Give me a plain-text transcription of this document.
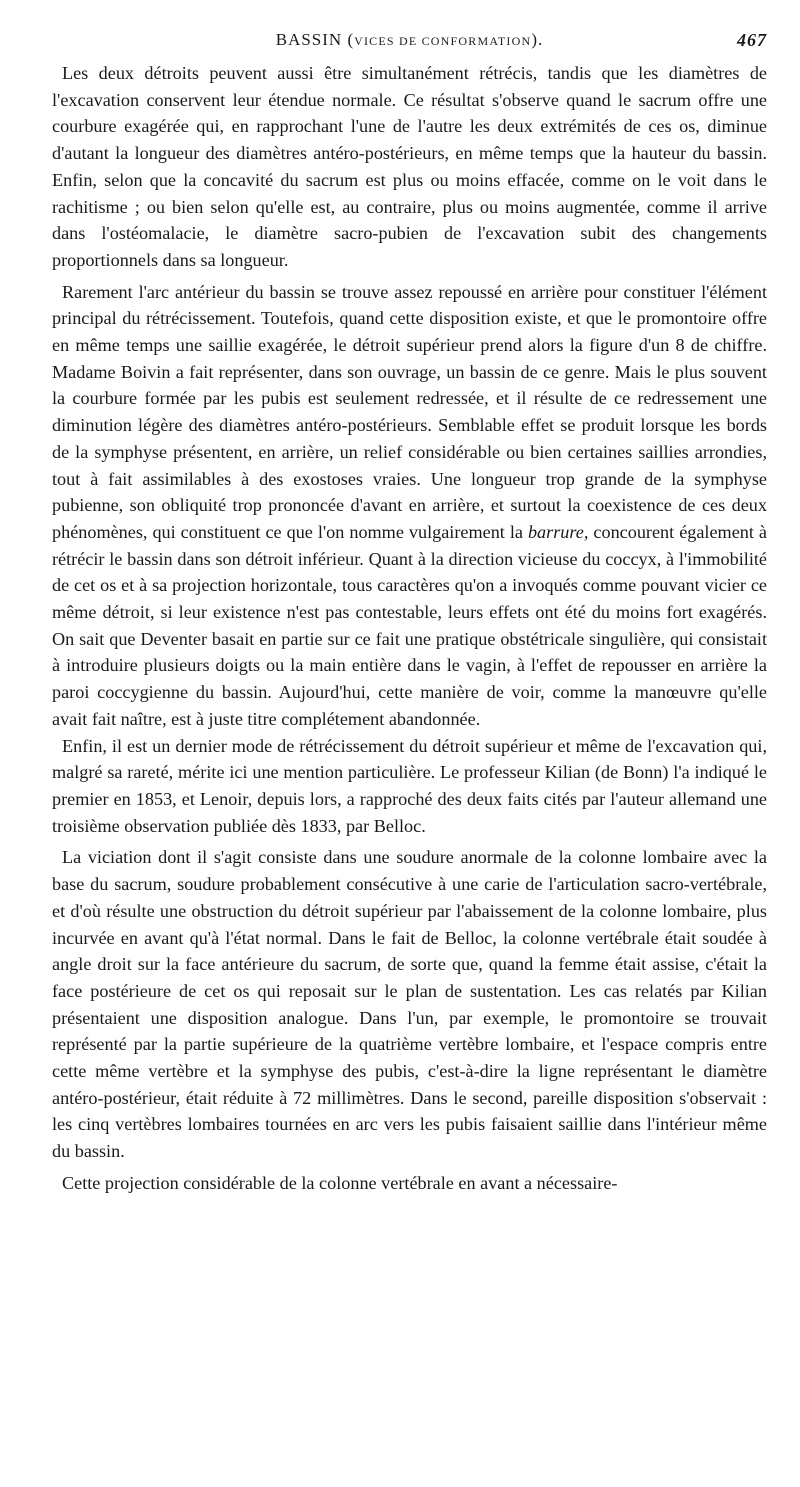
BASSIN (VICES DE CONFORMATION).	467

Les deux détroits peuvent aussi être simultanément rétrécis, tandis que les diamètres de l'excavation conservent leur étendue normale. Ce résultat s'observe quand le sacrum offre une courbure exagérée qui, en rapprochant l'une de l'autre les deux extrémités de ces os, diminue d'autant la longueur des diamètres antéro-postérieurs, en même temps que la hauteur du bassin. Enfin, selon que la concavité du sacrum est plus ou moins effacée, comme on le voit dans le rachitisme ; ou bien selon qu'elle est, au contraire, plus ou moins augmentée, comme il arrive dans l'ostéomalacie, le diamètre sacro-pubien de l'excavation subit des changements proportionnels dans sa longueur.

Rarement l'arc antérieur du bassin se trouve assez repoussé en arrière pour constituer l'élément principal du rétrécissement. Toutefois, quand cette disposition existe, et que le promontoire offre en même temps une saillie exagérée, le détroit supérieur prend alors la figure d'un 8 de chiffre. Madame Boivin a fait représenter, dans son ouvrage, un bassin de ce genre. Mais le plus souvent la courbure formée par les pubis est seulement redressée, et il résulte de ce redressement une diminution légère des diamètres antéro-postérieurs. Semblable effet se produit lorsque les bords de la symphyse présentent, en arrière, un relief considérable ou bien certaines saillies arrondies, tout à fait assimilables à des exostoses vraies. Une longueur trop grande de la symphyse pubienne, son obliquité trop prononcée d'avant en arrière, et surtout la coexistence de ces deux phénomènes, qui constituent ce que l'on nomme vulgairement la barrure, concourent également à rétrécir le bassin dans son détroit inférieur. Quant à la direction vicieuse du coccyx, à l'immobilité de cet os et à sa projection horizontale, tous caractères qu'on a invoqués comme pouvant vicier ce même détroit, si leur existence n'est pas contestable, leurs effets ont été du moins fort exagérés. On sait que Deventer basait en partie sur ce fait une pratique obstétricale singulière, qui consistait à introduire plusieurs doigts ou la main entière dans le vagin, à l'effet de repousser en arrière la paroi coccygienne du bassin. Aujourd'hui, cette manière de voir, comme la manœuvre qu'elle avait fait naître, est à juste titre complétement abandonnée.

Enfin, il est un dernier mode de rétrécissement du détroit supérieur et même de l'excavation qui, malgré sa rareté, mérite ici une mention particulière. Le professeur Kilian (de Bonn) l'a indiqué le premier en 1853, et Lenoir, depuis lors, a rapproché des deux faits cités par l'auteur allemand une troisième observation publiée dès 1833, par Belloc.

La viciation dont il s'agit consiste dans une soudure anormale de la colonne lombaire avec la base du sacrum, soudure probablement consécutive à une carie de l'articulation sacro-vertébrale, et d'où résulte une obstruction du détroit supérieur par l'abaissement de la colonne lombaire, plus incurvée en avant qu'à l'état normal. Dans le fait de Belloc, la colonne vertébrale était soudée à angle droit sur la face antérieure du sacrum, de sorte que, quand la femme était assise, c'était la face postérieure de cet os qui reposait sur le plan de sustentation. Les cas relatés par Kilian présentaient une disposition analogue. Dans l'un, par exemple, le promontoire se trouvait représenté par la partie supérieure de la quatrième vertèbre lombaire, et l'espace compris entre cette même vertèbre et la symphyse des pubis, c'est-à-dire la ligne représentant le diamètre antéro-postérieur, était réduite à 72 millimètres. Dans le second, pareille disposition s'observait : les cinq vertèbres lombaires tournées en arc vers les pubis faisaient saillie dans l'intérieur même du bassin.

Cette projection considérable de la colonne vertébrale en avant a nécessaire-
